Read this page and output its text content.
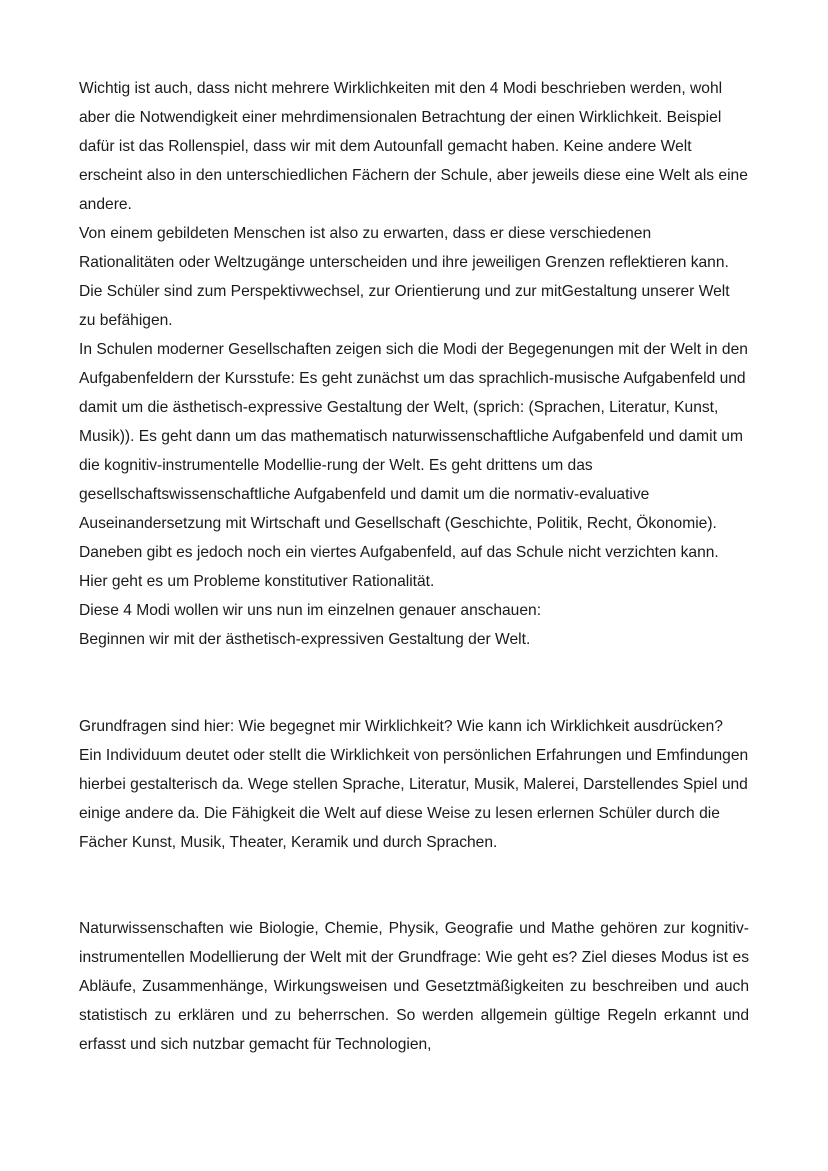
Wichtig ist auch, dass nicht mehrere Wirklichkeiten mit den 4 Modi beschrieben werden, wohl aber die Notwendigkeit einer mehrdimensionalen Betrachtung der einen Wirklichkeit. Beispiel dafür ist das Rollenspiel, dass wir mit dem Autounfall gemacht haben. Keine andere Welt erscheint also in den unterschiedlichen Fächern der Schule, aber jeweils diese eine Welt als eine andere.

Von einem gebildeten Menschen ist also zu erwarten, dass er diese verschiedenen Rationalitäten oder Weltzugänge unterscheiden und ihre jeweiligen Grenzen reflektieren kann. Die Schüler sind zum Perspektivwechsel, zur Orientierung und zur mitGestaltung unserer Welt zu befähigen.

In Schulen moderner Gesellschaften zeigen sich die Modi der Begegenungen mit der Welt in den Aufgabenfeldern der Kursstufe: Es geht zunächst um das sprachlich-musische Aufgabenfeld und damit um die ästhetisch-expressive Gestaltung der Welt, (sprich: (Sprachen, Literatur, Kunst, Musik)). Es geht dann um das mathematisch naturwissenschaftliche Aufgabenfeld und damit um die kognitiv-instrumentelle Modellie-rung der Welt. Es geht drittens um das gesellschaftswissenschaftliche Aufgabenfeld und damit um die normativ-evaluative Auseinandersetzung mit Wirtschaft und Gesellschaft (Geschichte, Politik, Recht, Ökonomie). Daneben gibt es jedoch noch ein viertes Aufgabenfeld, auf das Schule nicht verzichten kann. Hier geht es um Probleme konstitutiver Rationalität.

Diese 4 Modi wollen wir uns nun im einzelnen genauer anschauen:

Beginnen wir mit der ästhetisch-expressiven Gestaltung der Welt.

Grundfragen sind hier: Wie begegnet mir Wirklichkeit? Wie kann ich Wirklichkeit ausdrücken? Ein Individuum deutet oder stellt die Wirklichkeit von persönlichen Erfahrungen und Emfindungen hierbei gestalterisch da. Wege stellen Sprache, Literatur, Musik, Malerei, Darstellendes Spiel und einige andere da. Die Fähigkeit die Welt auf diese Weise zu lesen erlernen Schüler durch die Fächer Kunst, Musik, Theater, Keramik und durch Sprachen.

Naturwissenschaften wie Biologie, Chemie, Physik, Geografie und Mathe gehören zur kognitiv-instrumentellen Modellierung der Welt mit der Grundfrage: Wie geht es? Ziel dieses Modus ist es Abläufe, Zusammenhänge, Wirkungsweisen und Gesetztmäßigkeiten zu beschreiben und auch statistisch zu erklären und zu beherrschen. So werden allgemein gültige Regeln erkannt und erfasst und sich nutzbar gemacht für Technologien,
